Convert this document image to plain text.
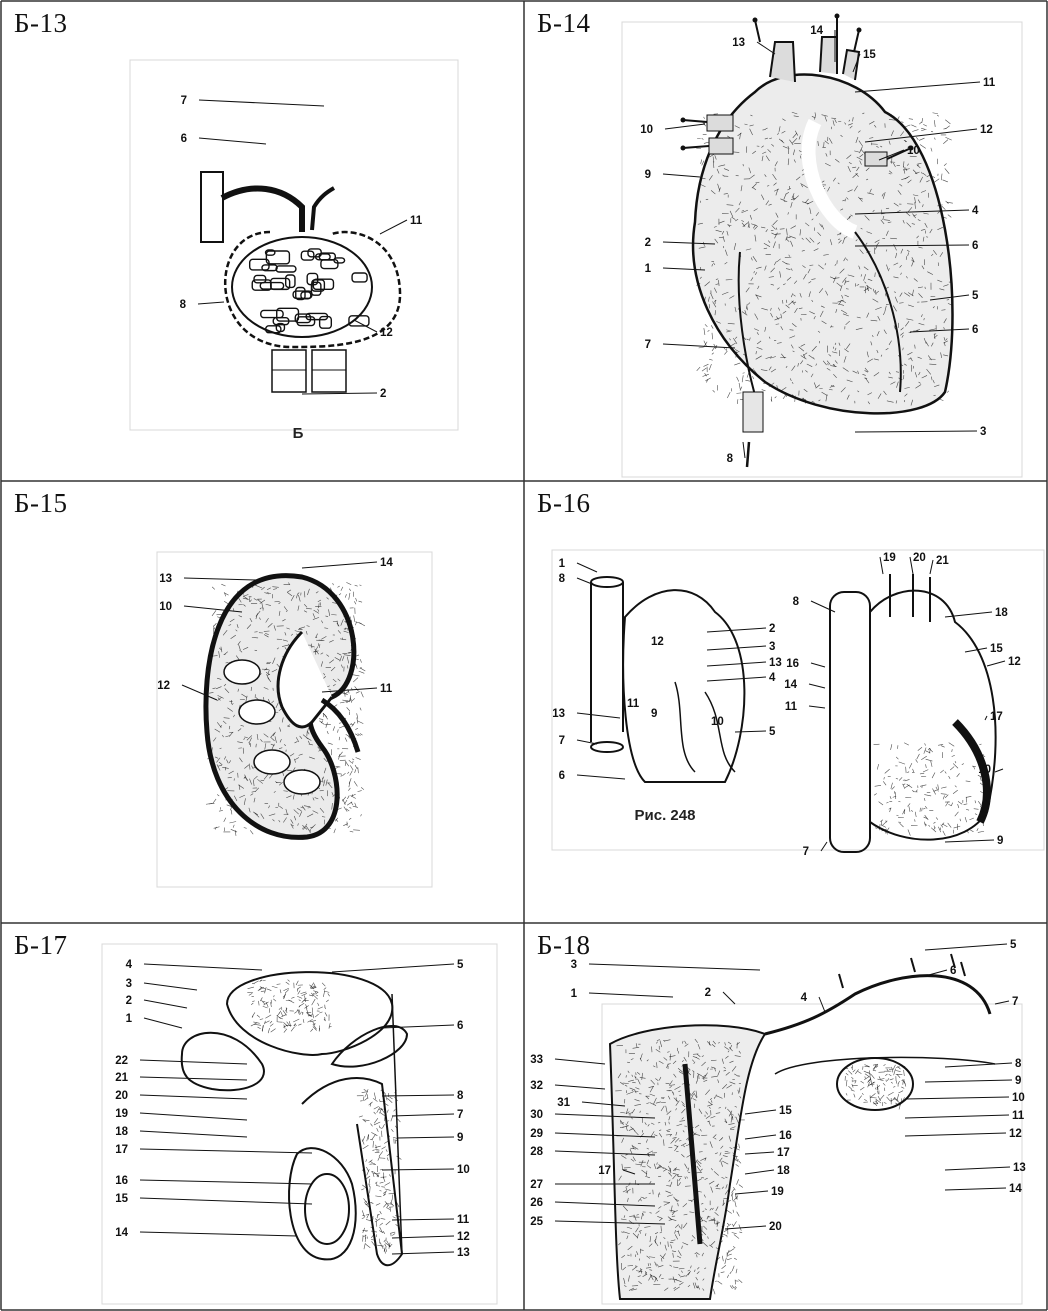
Б-13
7
6
11
8
12
2
Б
Б-14
13
14
15
11
10	12
10
9
4
2	6
1
5
6
7
3
8
Б-15
13
14
10
12	11
Б-16
1
8
12
2
3
13
4
11
9
10
5
13
7
6
8
19 20 21
18
16
15
12
14
11
17
10
7
9
Рис. 248
Б-17
4	5
3
2
6
1
22
21
20	8
19	7
18	9
17
10
16
15
11
14	12
13
Б-18
3
1	2
5
6
7
4
33
32
31
8
9
30	15
10
29	16
11
28
17
12
17
27
18	13
26
19	14
25	20
